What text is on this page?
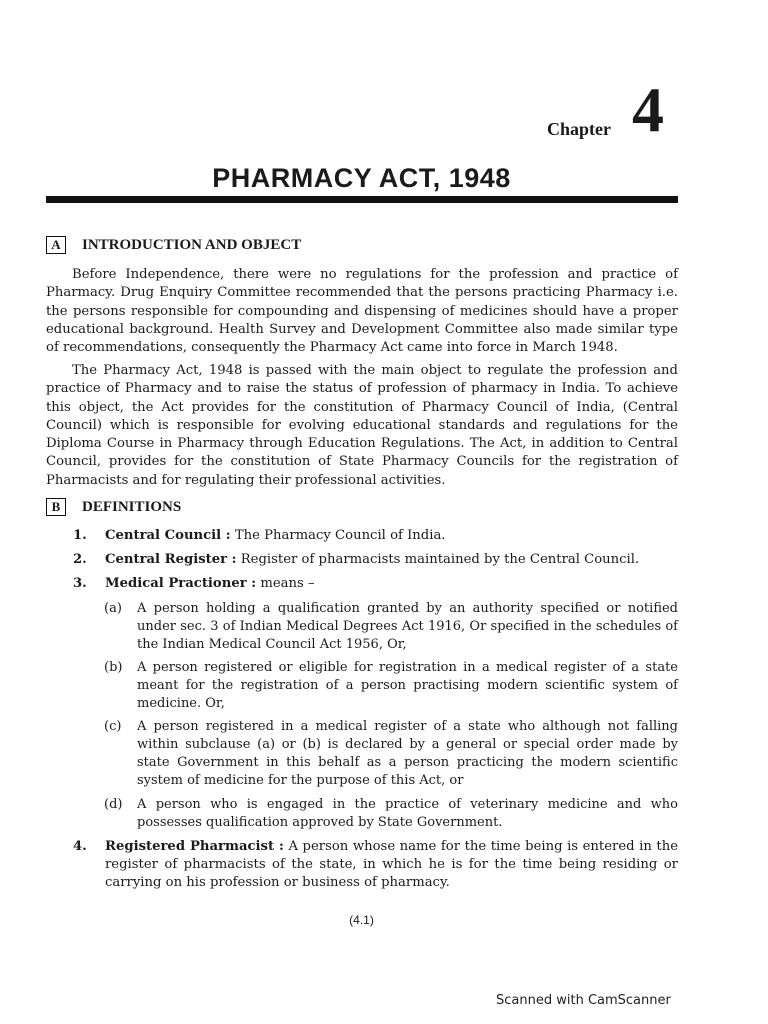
Chapter 4
PHARMACY ACT, 1948
A	INTRODUCTION AND OBJECT

Before Independence, there were no regulations for the profession and practice of Pharmacy. Drug Enquiry Committee recommended that the persons practicing Pharmacy i.e. the persons responsible for compounding and dispensing of medicines should have a proper educational background. Health Survey and Development Committee also made similar type of recommendations, consequently the Pharmacy Act came into force in March 1948.

The Pharmacy Act, 1948 is passed with the main object to regulate the profession and practice of Pharmacy and to raise the status of profession of pharmacy in India. To achieve this object, the Act provides for the constitution of Pharmacy Council of India, (Central Council) which is responsible for evolving educational standards and regulations for the Diploma Course in Pharmacy through Education Regulations. The Act, in addition to Central Council, provides for the constitution of State Pharmacy Councils for the registration of Pharmacists and for regulating their professional activities.

B	DEFINITIONS
1. Central Council : The Pharmacy Council of India.
2. Central Register : Register of pharmacists maintained by the Central Council.
3. Medical Practioner : means –
(a) A person holding a qualification granted by an authority specified or notified under sec. 3 of Indian Medical Degrees Act 1916, Or specified in the schedules of the Indian Medical Council Act 1956, Or,
(b) A person registered or eligible for registration in a medical register of a state meant for the registration of a person practising modern scientific system of medicine. Or,
(c) A person registered in a medical register of a state who although not falling within subclause (a) or (b) is declared by a general or special order made by state Government in this behalf as a person practicing the modern scientific system of medicine for the purpose of this Act, or
(d) A person who is engaged in the practice of veterinary medicine and who possesses qualification approved by State Government.
4. Registered Pharmacist : A person whose name for the time being is entered in the register of pharmacists of the state, in which he is for the time being residing or carrying on his profession or business of pharmacy.
(4.1)
Scanned with CamScanner
